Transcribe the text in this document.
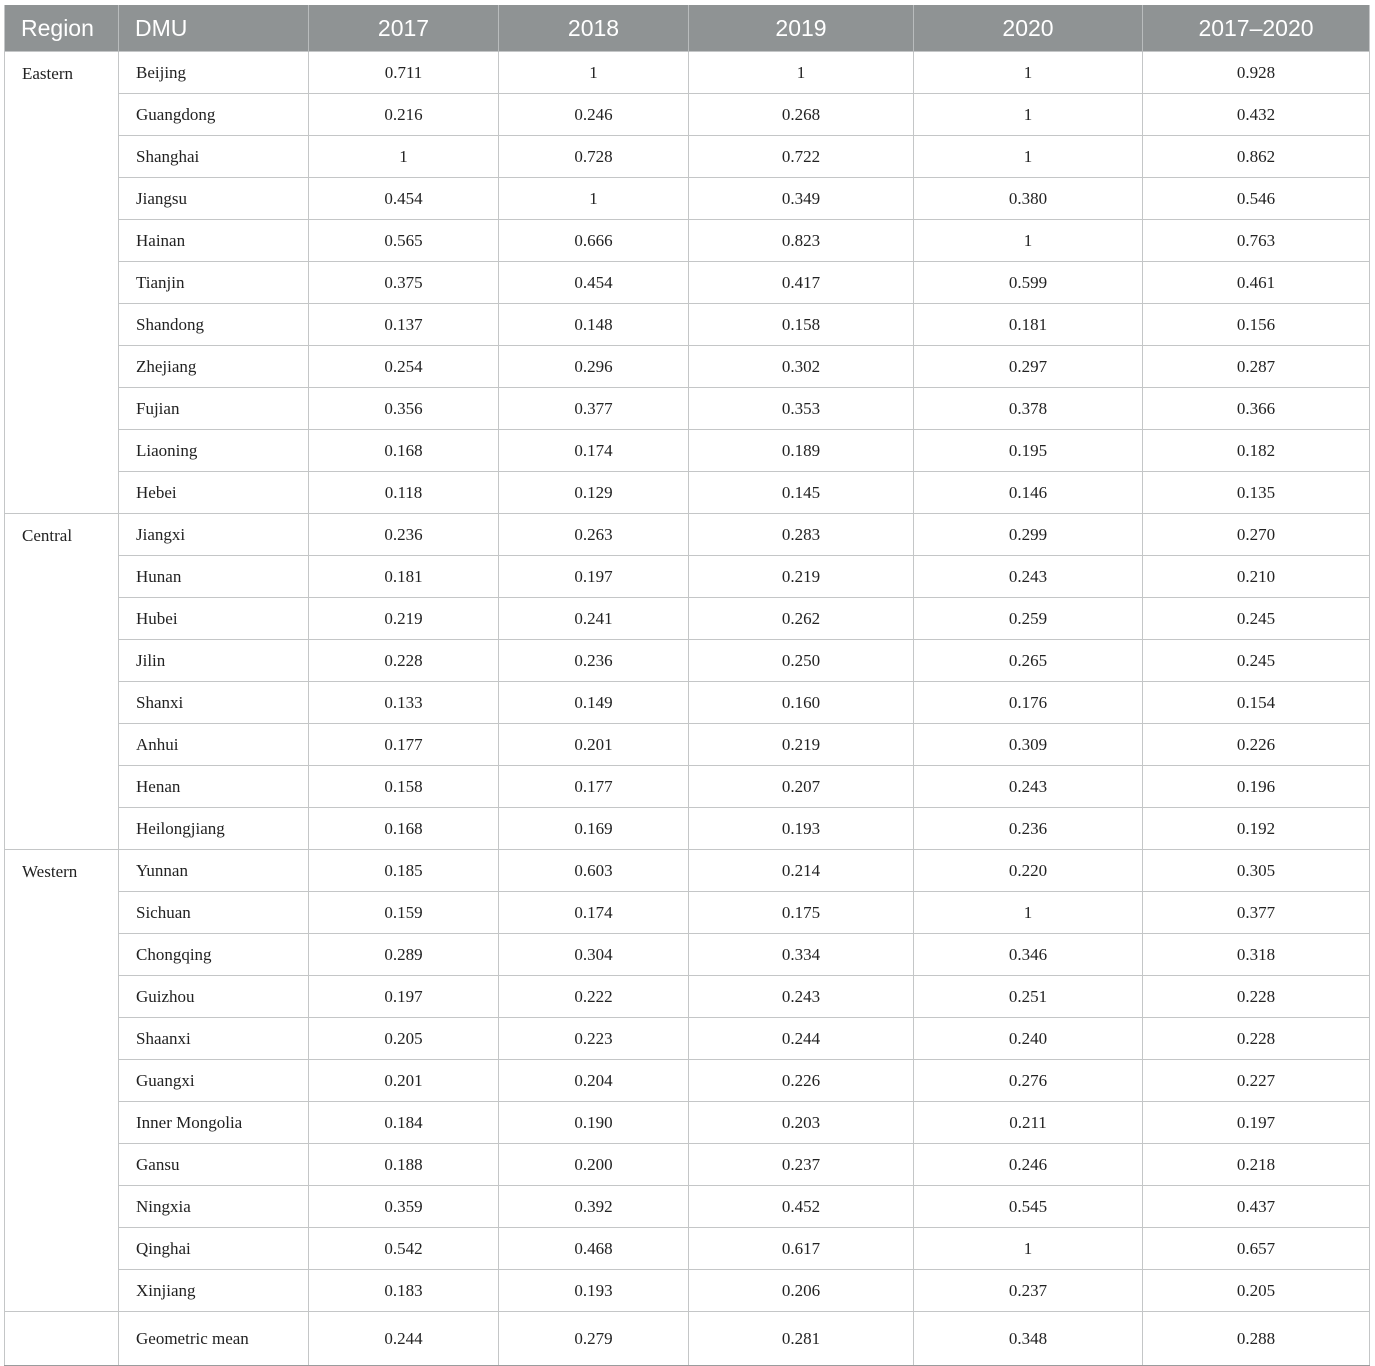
Region	DMU	2017	2018	2019	2020	2017–2020
Eastern	Beijing	0.711	1	1	1	0.928
	Guangdong	0.216	0.246	0.268	1	0.432
	Shanghai	1	0.728	0.722	1	0.862
	Jiangsu	0.454	1	0.349	0.380	0.546
	Hainan	0.565	0.666	0.823	1	0.763
	Tianjin	0.375	0.454	0.417	0.599	0.461
	Shandong	0.137	0.148	0.158	0.181	0.156
	Zhejiang	0.254	0.296	0.302	0.297	0.287
	Fujian	0.356	0.377	0.353	0.378	0.366
	Liaoning	0.168	0.174	0.189	0.195	0.182
	Hebei	0.118	0.129	0.145	0.146	0.135
Central	Jiangxi	0.236	0.263	0.283	0.299	0.270
	Hunan	0.181	0.197	0.219	0.243	0.210
	Hubei	0.219	0.241	0.262	0.259	0.245
	Jilin	0.228	0.236	0.250	0.265	0.245
	Shanxi	0.133	0.149	0.160	0.176	0.154
	Anhui	0.177	0.201	0.219	0.309	0.226
	Henan	0.158	0.177	0.207	0.243	0.196
	Heilongjiang	0.168	0.169	0.193	0.236	0.192
Western	Yunnan	0.185	0.603	0.214	0.220	0.305
	Sichuan	0.159	0.174	0.175	1	0.377
	Chongqing	0.289	0.304	0.334	0.346	0.318
	Guizhou	0.197	0.222	0.243	0.251	0.228
	Shaanxi	0.205	0.223	0.244	0.240	0.228
	Guangxi	0.201	0.204	0.226	0.276	0.227
	Inner Mongolia	0.184	0.190	0.203	0.211	0.197
	Gansu	0.188	0.200	0.237	0.246	0.218
	Ningxia	0.359	0.392	0.452	0.545	0.437
	Qinghai	0.542	0.468	0.617	1	0.657
	Xinjiang	0.183	0.193	0.206	0.237	0.205
	Geometric mean	0.244	0.279	0.281	0.348	0.288
